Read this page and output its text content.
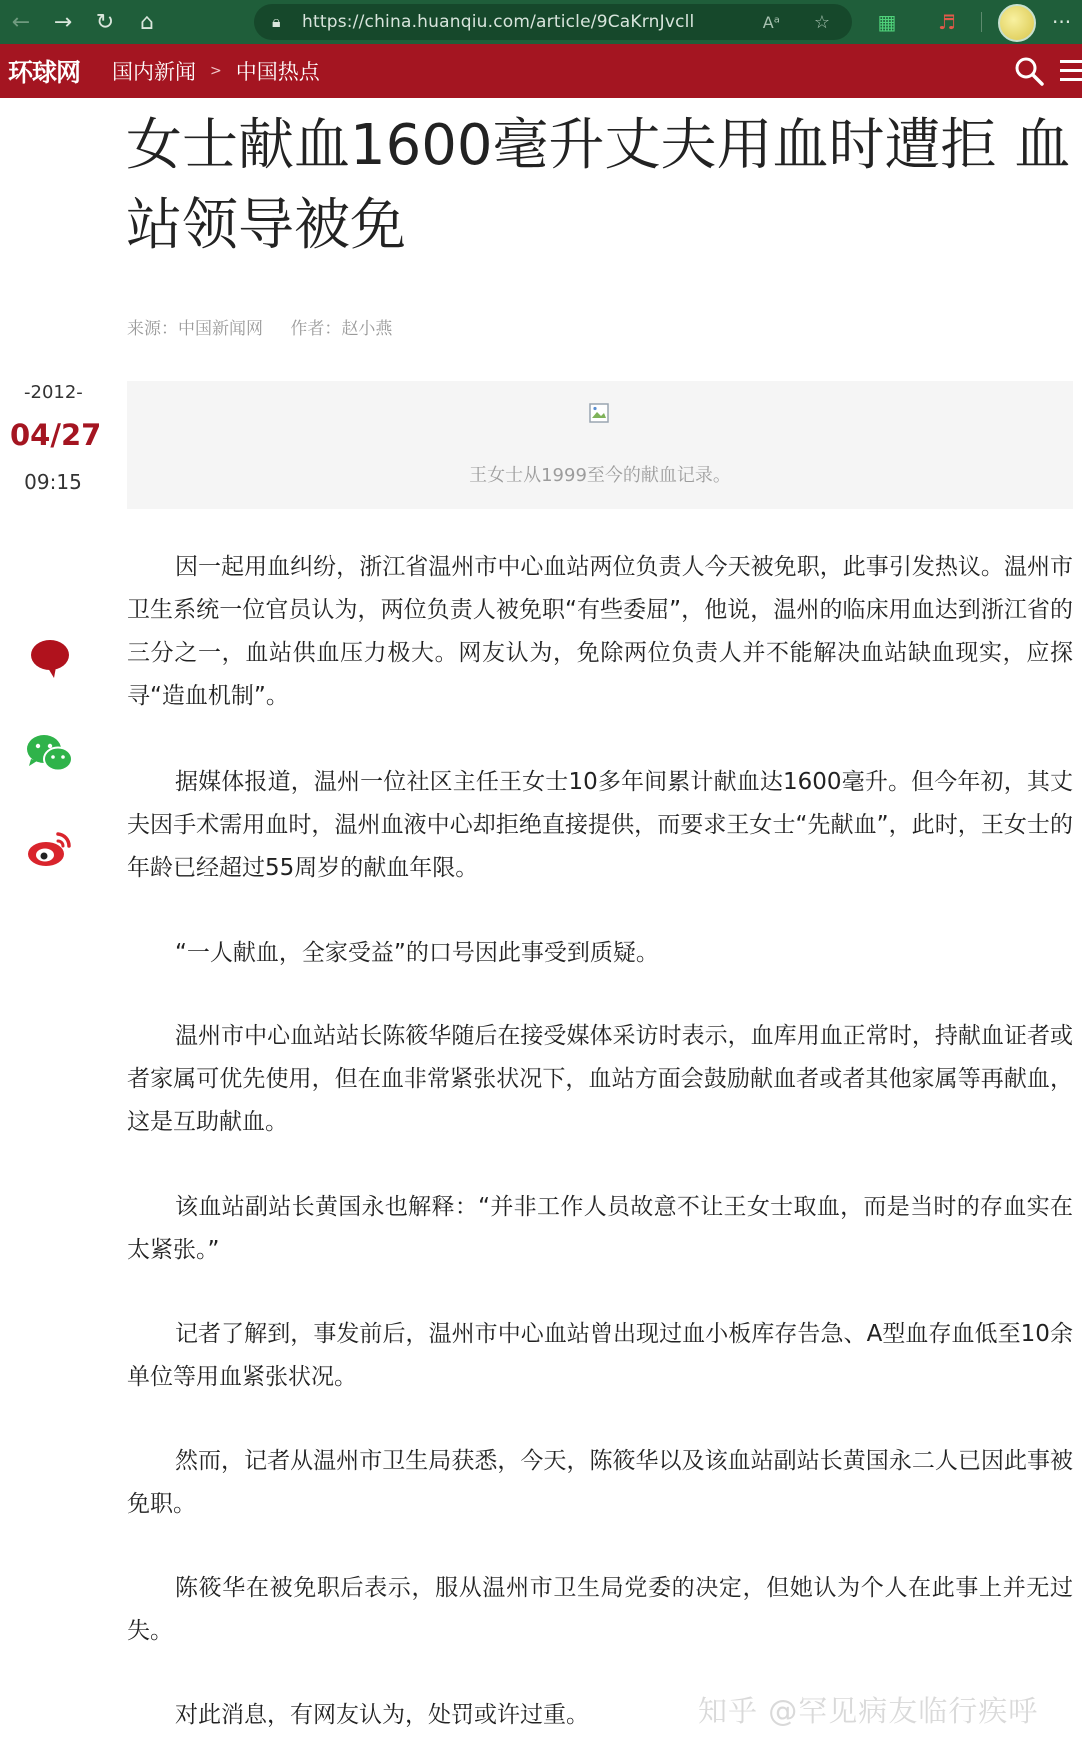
←	→	↻	⌂	🔒︎	https://china.huanqiu.com/article/9CaKrnJvcll	Aᵃ ☆	▦	♬	···
环球网 国内新闻 > 中国热点
女士献血1600毫升丈夫用血时遭拒 血站领导被免
来源：中国新闻网 作者：赵小燕
-2012-
04/27
09:15	王女士从1999至今的献血记录。

因一起用血纠纷，浙江省温州市中心血站两位负责人今天被免职，此事引发热议。温州市卫生系统一位官员认为，两位负责人被免职“有些委屈”，他说，温州的临床用血达到浙江省的三分之一，血站供血压力极大。网友认为，免除两位负责人并不能解决血站缺血现实，应探寻“造血机制”。

据媒体报道，温州一位社区主任王女士10多年间累计献血达1600毫升。但今年初，其丈夫因手术需用血时，温州血液中心却拒绝直接提供，而要求王女士“先献血”，此时，王女士的年龄已经超过55周岁的献血年限。

“一人献血，全家受益”的口号因此事受到质疑。

温州市中心血站站长陈筱华随后在接受媒体采访时表示，血库用血正常时，持献血证者或者家属可优先使用，但在血非常紧张状况下，血站方面会鼓励献血者或者其他家属等再献血，这是互助献血。

该血站副站长黄国永也解释：“并非工作人员故意不让王女士取血，而是当时的存血实在太紧张。”

记者了解到，事发前后，温州市中心血站曾出现过血小板库存告急、A型血存血低至10余单位等用血紧张状况。

然而，记者从温州市卫生局获悉，今天，陈筱华以及该血站副站长黄国永二人已因此事被免职。

陈筱华在被免职后表示，服从温州市卫生局党委的决定，但她认为个人在此事上并无过失。

对此消息，有网友认为，处罚或许过重。	知乎 @罕见病友临行疾呼
